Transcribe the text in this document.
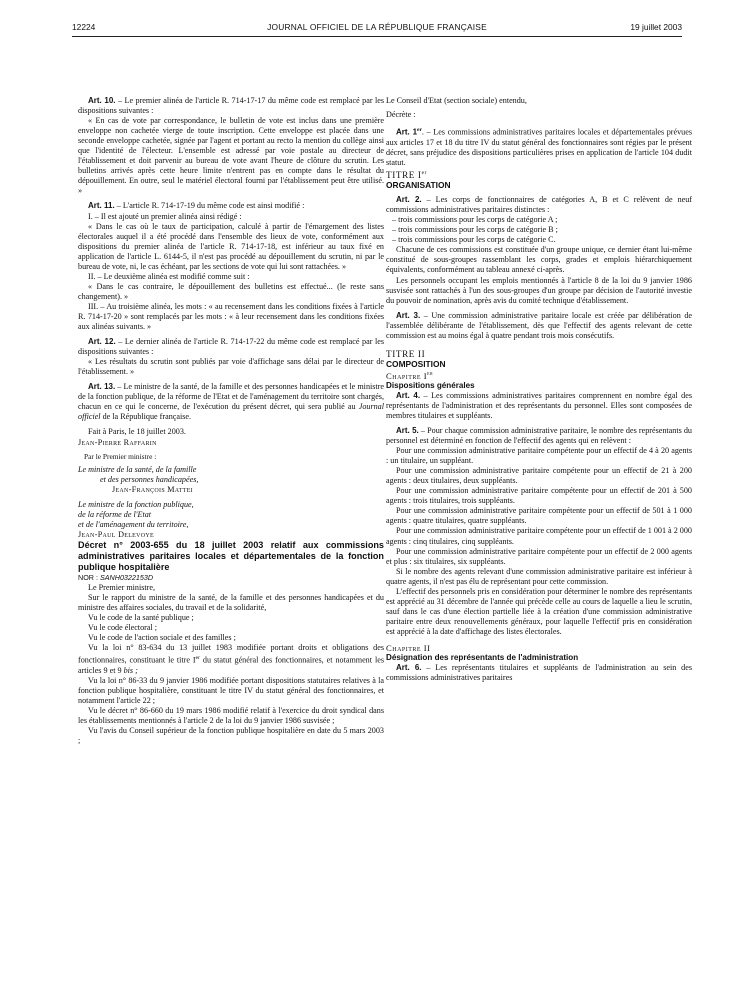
12224	JOURNAL OFFICIEL DE LA RÉPUBLIQUE FRANÇAISE	19 juillet 2003

Art. 10. – Le premier alinéa de l'article R. 714-17-17 du même code est remplacé par les dispositions suivantes :

« En cas de vote par correspondance, le bulletin de vote est inclus dans une première enveloppe non cachetée vierge de toute inscription. Cette enveloppe est placée dans une seconde enveloppe cachetée, signée par l'agent et portant au recto la mention du collège ainsi que l'identité de l'électeur. L'ensemble est adressé par voie postale au directeur de l'établissement et doit parvenir au bureau de vote avant l'heure de clôture du scrutin. Les bulletins arrivés après cette heure limite n'entrent pas en compte dans le résultat du dépouillement. En outre, seul le matériel électoral fourni par l'établissement peut être utilisé. »

Art. 11. – L'article R. 714-17-19 du même code est ainsi modifié :

I. – Il est ajouté un premier alinéa ainsi rédigé :

« Dans le cas où le taux de participation, calculé à partir de l'émargement des listes électorales auquel il a été procédé dans l'ensemble des lieux de vote, conformément aux dispositions du premier alinéa de l'article R. 714-17-18, est inférieur au taux fixé en application de l'article L. 6144-5, il n'est pas procédé au dépouillement du scrutin, ni par le bureau de vote, ni, le cas échéant, par les sections de vote qui lui sont rattachées. »

II. – Le deuxième alinéa est modifié comme suit :

« Dans le cas contraire, le dépouillement des bulletins est effectué... (le reste sans changement). »

III. – Au troisième alinéa, les mots : « au recensement dans les conditions fixées à l'article R. 714-17-20 » sont remplacés par les mots : « à leur recensement dans les conditions fixées aux alinéas suivants. »

Art. 12. – Le dernier alinéa de l'article R. 714-17-22 du même code est remplacé par les dispositions suivantes :

« Les résultats du scrutin sont publiés par voie d'affichage sans délai par le directeur de l'établissement. »

Art. 13. – Le ministre de la santé, de la famille et des personnes handicapées et le ministre de la fonction publique, de la réforme de l'Etat et de l'aménagement du territoire sont chargés, chacun en ce qui le concerne, de l'exécution du présent décret, qui sera publié au Journal officiel de la République française.

Fait à Paris, le 18 juillet 2003.

Jean-Pierre Raffarin

Par le Premier ministre :

Le ministre de la santé, de la famille

et des personnes handicapées,

Jean-François Mattei

Le ministre de la fonction publique,

de la réforme de l'Etat

et de l'aménagement du territoire,

Jean-Paul Delevoye

Décret n° 2003-655 du 18 juillet 2003 relatif aux commissions administratives paritaires locales et départementales de la fonction publique hospitalière

NOR : SANH0322153D

Le Premier ministre,

Sur le rapport du ministre de la santé, de la famille et des personnes handicapées et du ministre des affaires sociales, du travail et de la solidarité,

Vu le code de la santé publique ;

Vu le code électoral ;

Vu le code de l'action sociale et des familles ;

Vu la loi n° 83-634 du 13 juillet 1983 modifiée portant droits et obligations des fonctionnaires, constituant le titre Ier du statut général des fonctionnaires, et notamment les articles 9 et 9 bis ;

Vu la loi n° 86-33 du 9 janvier 1986 modifiée portant dispositions statutaires relatives à la fonction publique hospitalière, constituant le titre IV du statut général des fonctionnaires, et notamment l'article 22 ;

Vu le décret n° 86-660 du 19 mars 1986 modifié relatif à l'exercice du droit syndical dans les établissements mentionnés à l'article 2 de la loi du 9 janvier 1986 susvisée ;

Vu l'avis du Conseil supérieur de la fonction publique hospitalière en date du 5 mars 2003 ;

Le Conseil d'Etat (section sociale) entendu,

Décrète :

Art. 1er. – Les commissions administratives paritaires locales et départementales prévues aux articles 17 et 18 du titre IV du statut général des fonctionnaires sont régies par le présent décret, sans préjudice des dispositions particulières prises en application de l'article 104 dudit statut.

TITRE Ier

ORGANISATION

Art. 2. – Les corps de fonctionnaires de catégories A, B et C relèvent de neuf commissions administratives paritaires distinctes :

– trois commissions pour les corps de catégorie A ;

– trois commissions pour les corps de catégorie B ;

– trois commissions pour les corps de catégorie C.

Chacune de ces commissions est constituée d'un groupe unique, ce dernier étant lui-même constitué de sous-groupes rassemblant les corps, grades et emplois hiérarchiquement équivalents, conformément au tableau annexé ci-après.

Les personnels occupant les emplois mentionnés à l'article 8 de la loi du 9 janvier 1986 susvisée sont rattachés à l'un des sous-groupes d'un groupe par décision de l'autorité investie du pouvoir de nomination, après avis du comité technique d'établissement.

Art. 3. – Une commission administrative paritaire locale est créée par délibération de l'assemblée délibérante de l'établissement, dès que l'effectif des agents relevant de cette commission est au moins égal à quatre pendant trois mois consécutifs.

TITRE II

COMPOSITION

Chapitre Ier

Dispositions générales

Art. 4. – Les commissions administratives paritaires comprennent en nombre égal des représentants de l'administration et des représentants du personnel. Elles sont composées de membres titulaires et suppléants.

Art. 5. – Pour chaque commission administrative paritaire, le nombre des représentants du personnel est déterminé en fonction de l'effectif des agents qui en relèvent :

Pour une commission administrative paritaire compétente pour un effectif de 4 à 20 agents : un titulaire, un suppléant.

Pour une commission administrative paritaire compétente pour un effectif de 21 à 200 agents : deux titulaires, deux suppléants.

Pour une commission administrative paritaire compétente pour un effectif de 201 à 500 agents : trois titulaires, trois suppléants.

Pour une commission administrative paritaire compétente pour un effectif de 501 à 1 000 agents : quatre titulaires, quatre suppléants.

Pour une commission administrative paritaire compétente pour un effectif de 1 001 à 2 000 agents : cinq titulaires, cinq suppléants.

Pour une commission administrative paritaire compétente pour un effectif de 2 000 agents et plus : six titulaires, six suppléants.

Si le nombre des agents relevant d'une commission administrative paritaire est inférieur à quatre agents, il n'est pas élu de représentant pour cette commission.

L'effectif des personnels pris en considération pour déterminer le nombre des représentants est apprécié au 31 décembre de l'année qui précède celle au cours de laquelle a lieu le scrutin, sauf dans le cas d'une élection partielle liée à la création d'une commission administrative paritaire entre deux renouvellements généraux, pour laquelle l'effectif pris en considération est apprécié à la date d'affichage des listes électorales.

Chapitre II

Désignation des représentants de l'administration

Art. 6. – Les représentants titulaires et suppléants de l'administration au sein des commissions administratives paritaires
